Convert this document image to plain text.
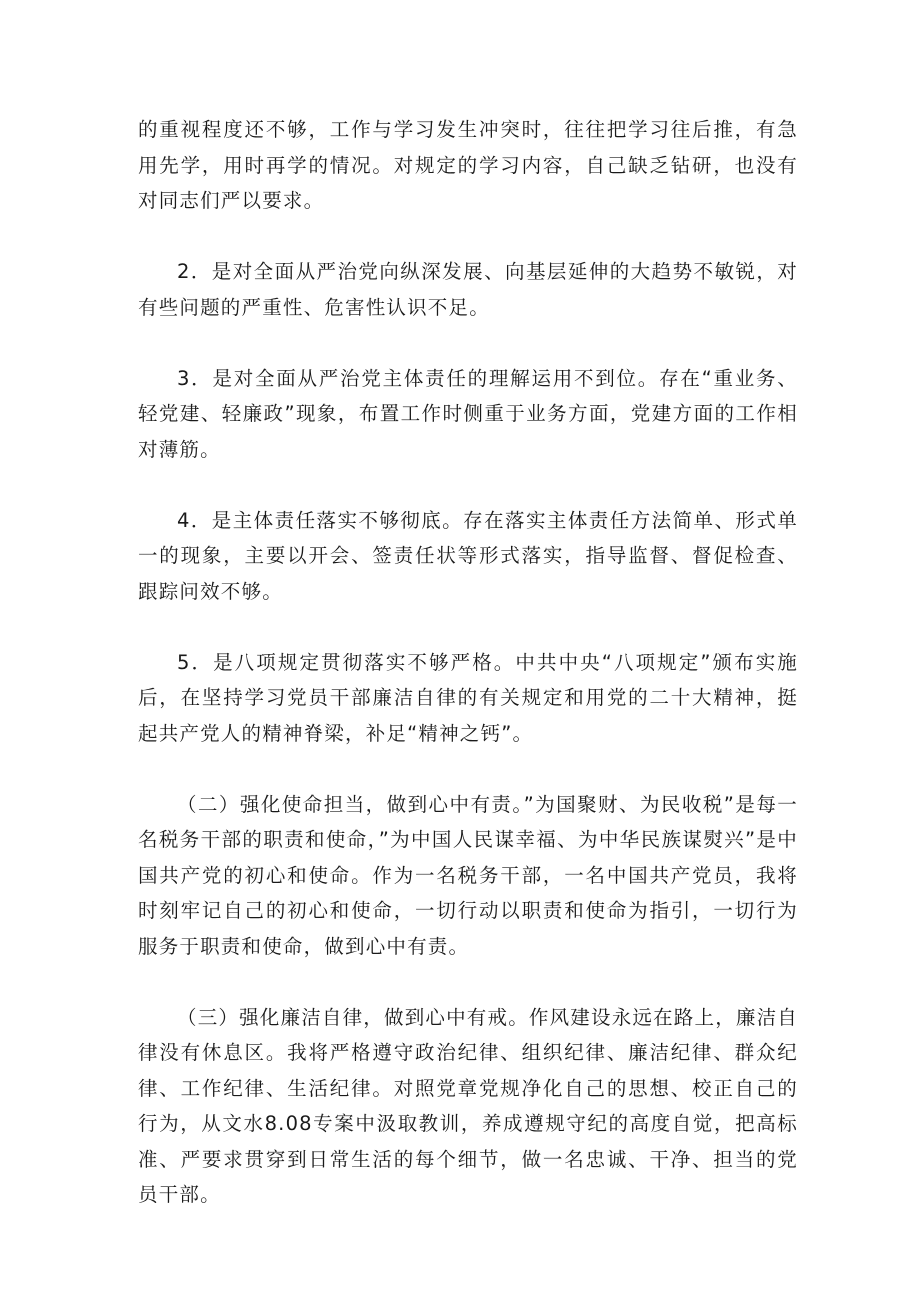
的重视程度还不够，工作与学习发生冲突时，往往把学习往后推，有急用先学，用时再学的情况。对规定的学习内容，自己缺乏钻研，也没有对同志们严以要求。

2．是对全面从严治党向纵深发展、向基层延伸的大趋势不敏锐，对有些问题的严重性、危害性认识不足。

3．是对全面从严治党主体责任的理解运用不到位。存在“重业务、轻党建、轻廉政”现象，布置工作时侧重于业务方面，党建方面的工作相对薄筋。

4．是主体责任落实不够彻底。存在落实主体责任方法简单、形式单一的现象，主要以开会、签责任状等形式落实，指导监督、督促检查、跟踪问效不够。

5．是八项规定贯彻落实不够严格。中共中央“八项规定”颁布实施后，在坚持学习党员干部廉洁自律的有关规定和用党的二十大精神，挺起共产党人的精神脊梁，补足“精神之钙”。

（二）强化使命担当，做到心中有责。”为国聚财、为民收税”是每一名税务干部的职责和使命，”为中国人民谋幸福、为中华民族谋熨兴”是中国共产党的初心和使命。作为一名税务干部，一名中国共产党员，我将时刻牢记自己的初心和使命，一切行动以职责和使命为指引，一切行为服务于职责和使命，做到心中有责。

（三）强化廉洁自律，做到心中有戒。作风建设永远在路上，廉洁自律没有休息区。我将严格遵守政治纪律、组织纪律、廉洁纪律、群众纪律、工作纪律、生活纪律。对照党章党规净化自己的思想、校正自己的行为，从文水8.08专案中汲取教训，养成遵规守纪的高度自觉，把高标准、严要求贯穿到日常生活的每个细节，做一名忠诚、干净、担当的党员干部。
